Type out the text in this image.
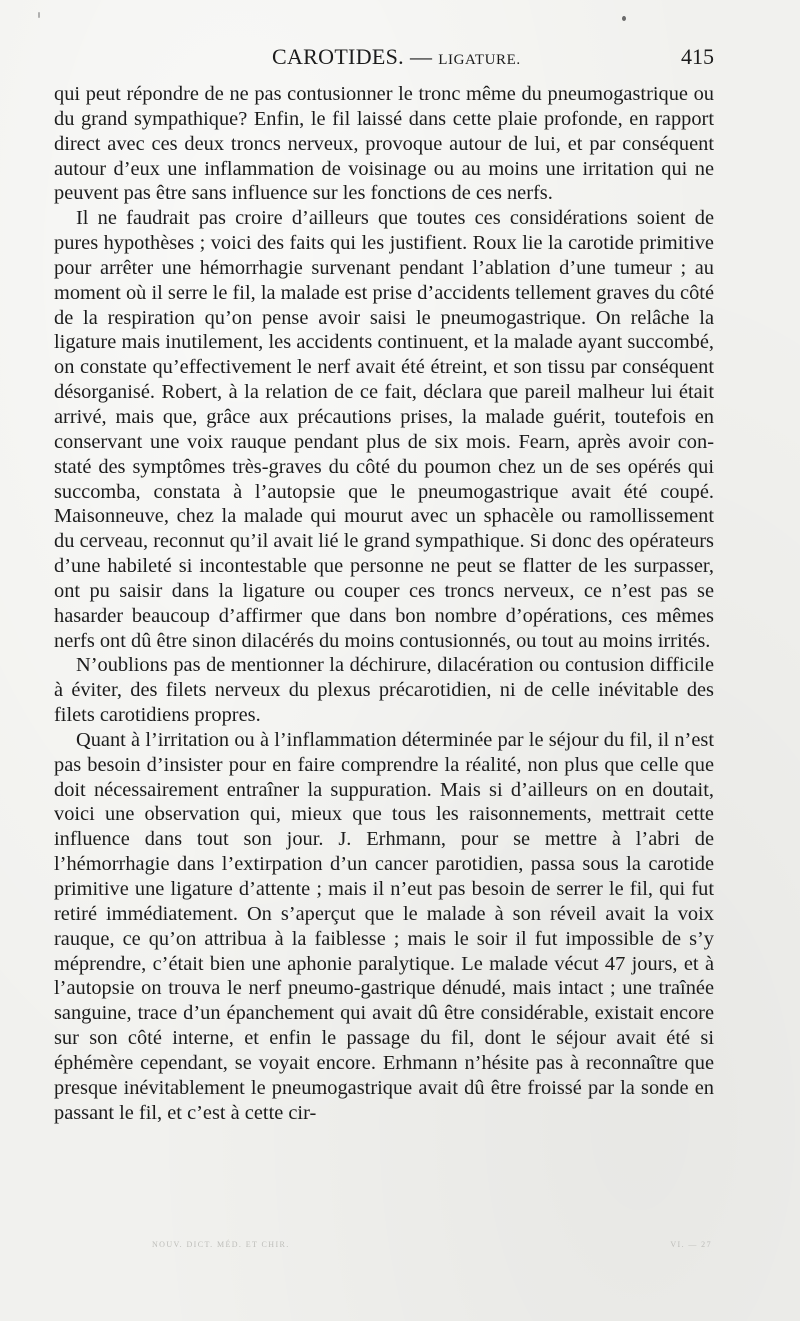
CAROTIDES. — LIGATURE.	415

qui peut répondre de ne pas contusionner le tronc même du pneumogastrique ou du grand sympathique? Enfin, le fil laissé dans cette plaie profonde, en rapport direct avec ces deux troncs nerveux, provoque autour de lui, et par conséquent autour d’eux une inflammation de voisinage ou au moins une irritation qui ne peuvent pas être sans influence sur les fonctions de ces nerfs.

Il ne faudrait pas croire d’ailleurs que toutes ces considérations soient de pures hypothèses ; voici des faits qui les justifient. Roux lie la carotide primitive pour arrêter une hémorrhagie survenant pendant l’ablation d’une tumeur ; au moment où il serre le fil, la malade est prise d’accidents tellement graves du côté de la respiration qu’on pense avoir saisi le pneumogastrique. On relâche la ligature mais inutilement, les accidents continuent, et la malade ayant succombé, on constate qu’effectivement le nerf avait été étreint, et son tissu par conséquent désorganisé. Robert, à la relation de ce fait, déclara que pareil malheur lui était arrivé, mais que, grâce aux précautions prises, la malade guérit, toutefois en conservant une voix rauque pendant plus de six mois. Fearn, après avoir constaté des symptômes très-graves du côté du poumon chez un de ses opérés qui succomba, constata à l’autopsie que le pneumogastrique avait été coupé. Maisonneuve, chez la malade qui mourut avec un sphacèle ou ramollissement du cerveau, reconnut qu’il avait lié le grand sympathique. Si donc des opérateurs d’une habileté si incontestable que personne ne peut se flatter de les surpasser, ont pu saisir dans la ligature ou couper ces troncs nerveux, ce n’est pas se hasarder beaucoup d’affirmer que dans bon nombre d’opérations, ces mêmes nerfs ont dû être sinon dilacérés du moins contusionnés, ou tout au moins irrités.

N’oublions pas de mentionner la déchirure, dilacération ou contusion difficile à éviter, des filets nerveux du plexus précarotidien, ni de celle inévitable des filets carotidiens propres.

Quant à l’irritation ou à l’inflammation déterminée par le séjour du fil, il n’est pas besoin d’insister pour en faire comprendre la réalité, non plus que celle que doit nécessairement entraîner la suppuration. Mais si d’ailleurs on en doutait, voici une observation qui, mieux que tous les raisonnements, mettrait cette influence dans tout son jour. J. Erhmann, pour se mettre à l’abri de l’hémorrhagie dans l’extirpation d’un cancer parotidien, passa sous la carotide primitive une ligature d’attente ; mais il n’eut pas besoin de serrer le fil, qui fut retiré immédiatement. On s’aperçut que le malade à son réveil avait la voix rauque, ce qu’on attribua à la faiblesse ; mais le soir il fut impossible de s’y méprendre, c’était bien une aphonie paralytique. Le malade vécut 47 jours, et à l’autopsie on trouva le nerf pneumo-gastrique dénudé, mais intact ; une traînée sanguine, trace d’un épanchement qui avait dû être considérable, existait encore sur son côté interne, et enfin le passage du fil, dont le séjour avait été si éphémère cependant, se voyait encore. Erhmann n’hésite pas à reconnaître que presque inévitablement le pneumogastrique avait dû être froissé par la sonde en passant le fil, et c’est à cette cir-

NOUV. DICT. MÉD. ET CHIR.	VI. — 27
